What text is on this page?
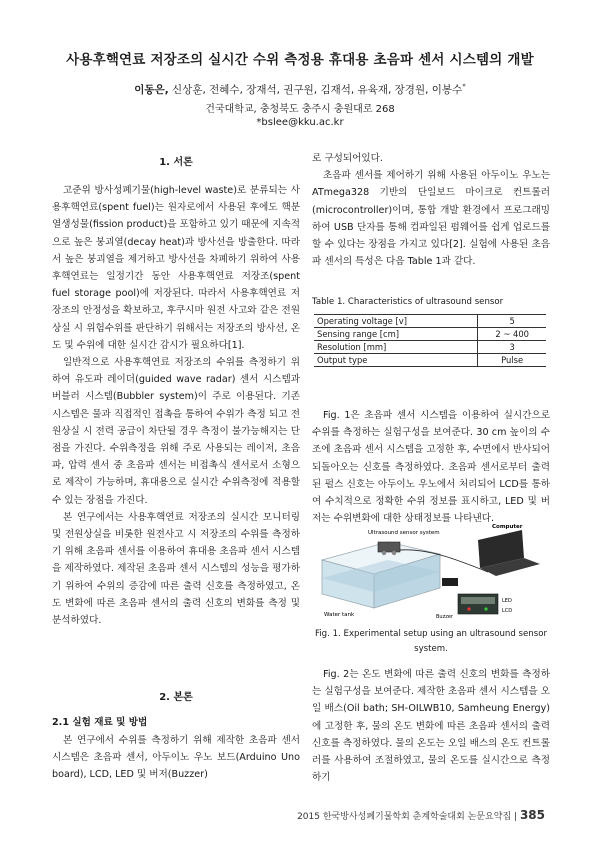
사용후핵연료 저장조의 실시간 수위 측정용 휴대용 초음파 센서 시스템의 개발
이동은, 신상훈, 전혜수, 장재석, 권구원, 김재석, 유육재, 장경원, 이봉수*
건국대학교, 충청북도 충주시 충원대로 268
*bslee@kku.ac.kr
1. 서론

고준위 방사성폐기물(high-level waste)로 분류되는 사용후핵연료(spent fuel)는 원자로에서 사용된 후에도 핵분열생성물(fission product)을 포함하고 있기 때문에 지속적으로 높은 붕괴열(decay heat)과 방사선을 방출한다. 따라서 높은 붕괴열을 제거하고 방사선을 차폐하기 위하여 사용후핵연료는 일정기간 동안 사용후핵연료 저장조(spent fuel storage pool)에 저장된다. 따라서 사용후핵연료 저장조의 안정성을 확보하고, 후쿠시마 원전 사고와 같은 전원상실 시 위험수위를 판단하기 위해서는 저장조의 방사선, 온도 및 수위에 대한 실시간 감시가 필요하다[1].

일반적으로 사용후핵연료 저장조의 수위를 측정하기 위하여 유도파 레이더(guided wave radar) 센서 시스템과 버블러 시스템(Bubbler system)이 주로 이용된다. 기존 시스템은 물과 직접적인 접촉을 통하여 수위가 측정 되고 전원상실 시 전력 공급이 차단될 경우 측정이 불가능해지는 단점을 가진다. 수위측정을 위해 주로 사용되는 레이저, 초음파, 압력 센서 중 초음파 센서는 비접촉식 센서로서 소형으로 제작이 가능하며, 휴대용으로 실시간 수위측정에 적용할 수 있는 장점을 가진다.

본 연구에서는 사용후핵연료 저장조의 실시간 모니터링 및 전원상실을 비롯한 원전사고 시 저장조의 수위를 측정하기 위해 초음파 센서를 이용하여 휴대용 초음파 센서 시스템을 제작하였다. 제작된 초음파 센서 시스템의 성능을 평가하기 위하여 수위의 증감에 따른 출력 신호를 측정하였고, 온도 변화에 따른 초음파 센서의 출력 신호의 변화를 측정 및 분석하였다.

2. 본론
2.1 실험 재료 및 방법

본 연구에서 수위를 측정하기 위해 제작한 초음파 센서 시스템은 초음파 센서, 아두이노 우노 보드(Arduino Uno board), LCD, LED 및 버저(Buzzer)

로 구성되어있다.

초음파 센서를 제어하기 위해 사용된 아두이노 우노는 ATmega328 기반의 단일보드 마이크로 컨트롤러(microcontroller)이며, 통합 개발 환경에서 프로그래밍 하여 USB 단자를 통해 컴파일된 펌웨어를 쉽게 업로드를 할 수 있다는 장점을 가지고 있다[2]. 실험에 사용된 초음파 센서의 특성은 다음 Table 1과 같다.

Table 1. Characteristics of ultrasound sensor
Operating voltage [v]	5
Sensing range [cm]	2 ~ 400
Resolution [mm]	3
Output type	Pulse

Fig. 1은 초음파 센서 시스템을 이용하여 실시간으로 수위를 측정하는 실험구성을 보여준다. 30 cm 높이의 수조에 초음파 센서 시스템을 고정한 후, 수면에서 반사되어 되돌아오는 신호를 측정하였다. 초음파 센서로부터 출력된 펄스 신호는 아두이노 우노에서 처리되어 LCD를 통하여 수치적으로 정확한 수위 정보를 표시하고, LED 및 버저는 수위변화에 대한 상태정보를 나타낸다.

Computer
Ultrasound sensor system
Water tank	Buzzer
LED
LCD
Fig. 1. Experimental setup using an ultrasound sensor system.

Fig. 2는 온도 변화에 따른 출력 신호의 변화를 측정하는 실험구성을 보여준다. 제작한 초음파 센서 시스템을 오일 배스(Oil bath; SH-OILWB10, Samheung Energy)에 고정한 후, 물의 온도 변화에 따른 초음파 센서의 출력 신호를 측정하였다. 물의 온도는 오일 배스의 온도 컨트롤러를 사용하여 조절하였고, 물의 온도를 실시간으로 측정하기

2015 한국방사성폐기물학회 춘계학술대회 논문요약집 | 385
